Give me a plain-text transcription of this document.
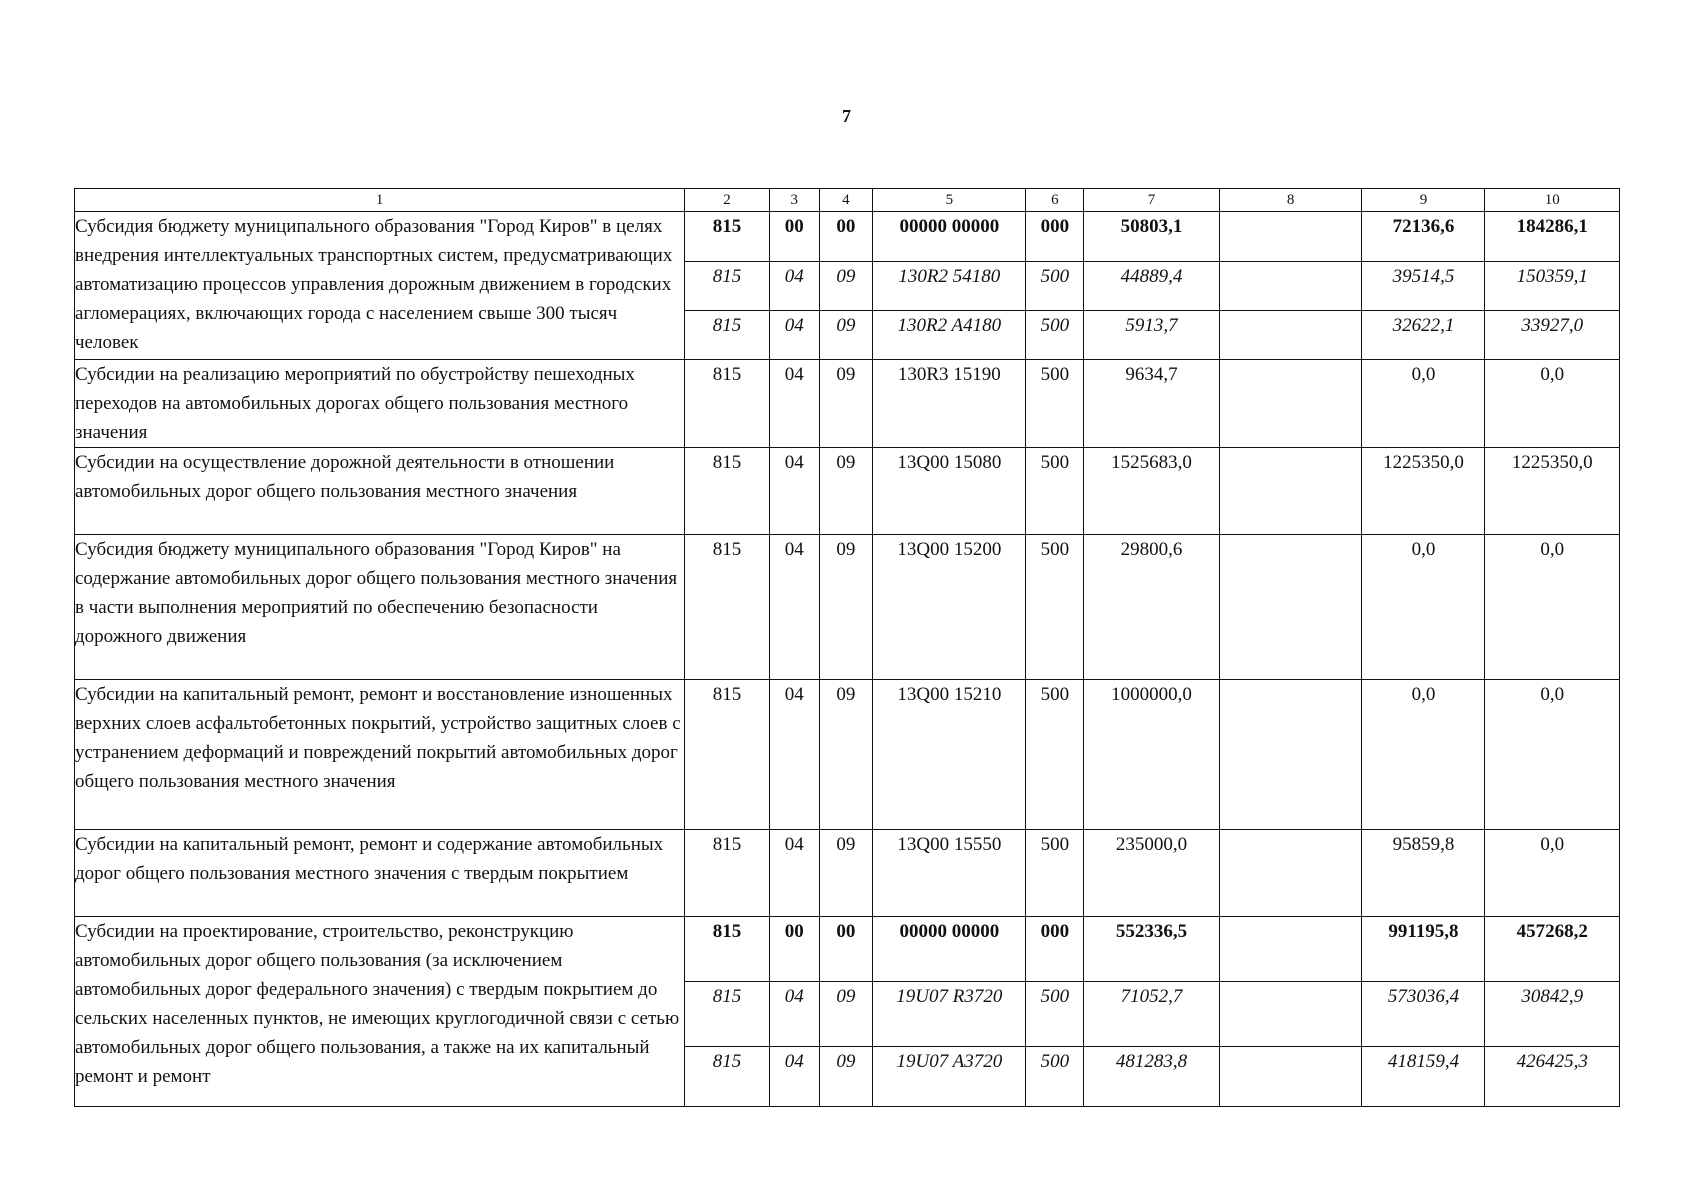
7
1	2	3	4	5	6	7	8	9	10
Субсидия бюджету муниципального образования "Город Киров" в целях внедрения интеллектуальных транспортных систем, предусматривающих автоматизацию процессов управления дорожным движением в городских агломерациях, включающих города с населением свыше 300 тысяч человек	815	00	00	00000 00000	000	50803,1		72136,6	184286,1
	815	04	09	130R2 54180	500	44889,4		39514,5	150359,1
	815	04	09	130R2 A4180	500	5913,7		32622,1	33927,0
Субсидии на реализацию мероприятий по обустройству пешеходных переходов на автомобильных дорогах общего пользования местного значения	815	04	09	130R3 15190	500	9634,7		0,0	0,0
Субсидии на осуществление дорожной деятельности в отношении автомобильных дорог общего пользования местного значения	815	04	09	13Q00 15080	500	1525683,0		1225350,0	1225350,0
Субсидия бюджету муниципального образования "Город Киров" на содержание автомобильных дорог общего пользования местного значения в части выполнения мероприятий по обеспечению безопасности дорожного движения	815	04	09	13Q00 15200	500	29800,6		0,0	0,0
Субсидии на капитальный ремонт, ремонт и восстановление изношенных верхних слоев асфальтобетонных покрытий, устройство защитных слоев с устранением деформаций и повреждений покрытий автомобильных дорог общего пользования местного значения	815	04	09	13Q00 15210	500	1000000,0		0,0	0,0
Субсидии на капитальный ремонт, ремонт и содержание автомобильных дорог общего пользования местного значения с твердым покрытием	815	04	09	13Q00 15550	500	235000,0		95859,8	0,0
Субсидии на проектирование, строительство, реконструкцию автомобильных дорог общего пользования (за исключением автомобильных дорог федерального значения) с твердым покрытием до сельских населенных пунктов, не имеющих круглогодичной связи с сетью автомобильных дорог общего пользования, а также на их капитальный ремонт и ремонт	815	00	00	00000 00000	000	552336,5		991195,8	457268,2
	815	04	09	19U07 R3720	500	71052,7		573036,4	30842,9
	815	04	09	19U07 A3720	500	481283,8		418159,4	426425,3
